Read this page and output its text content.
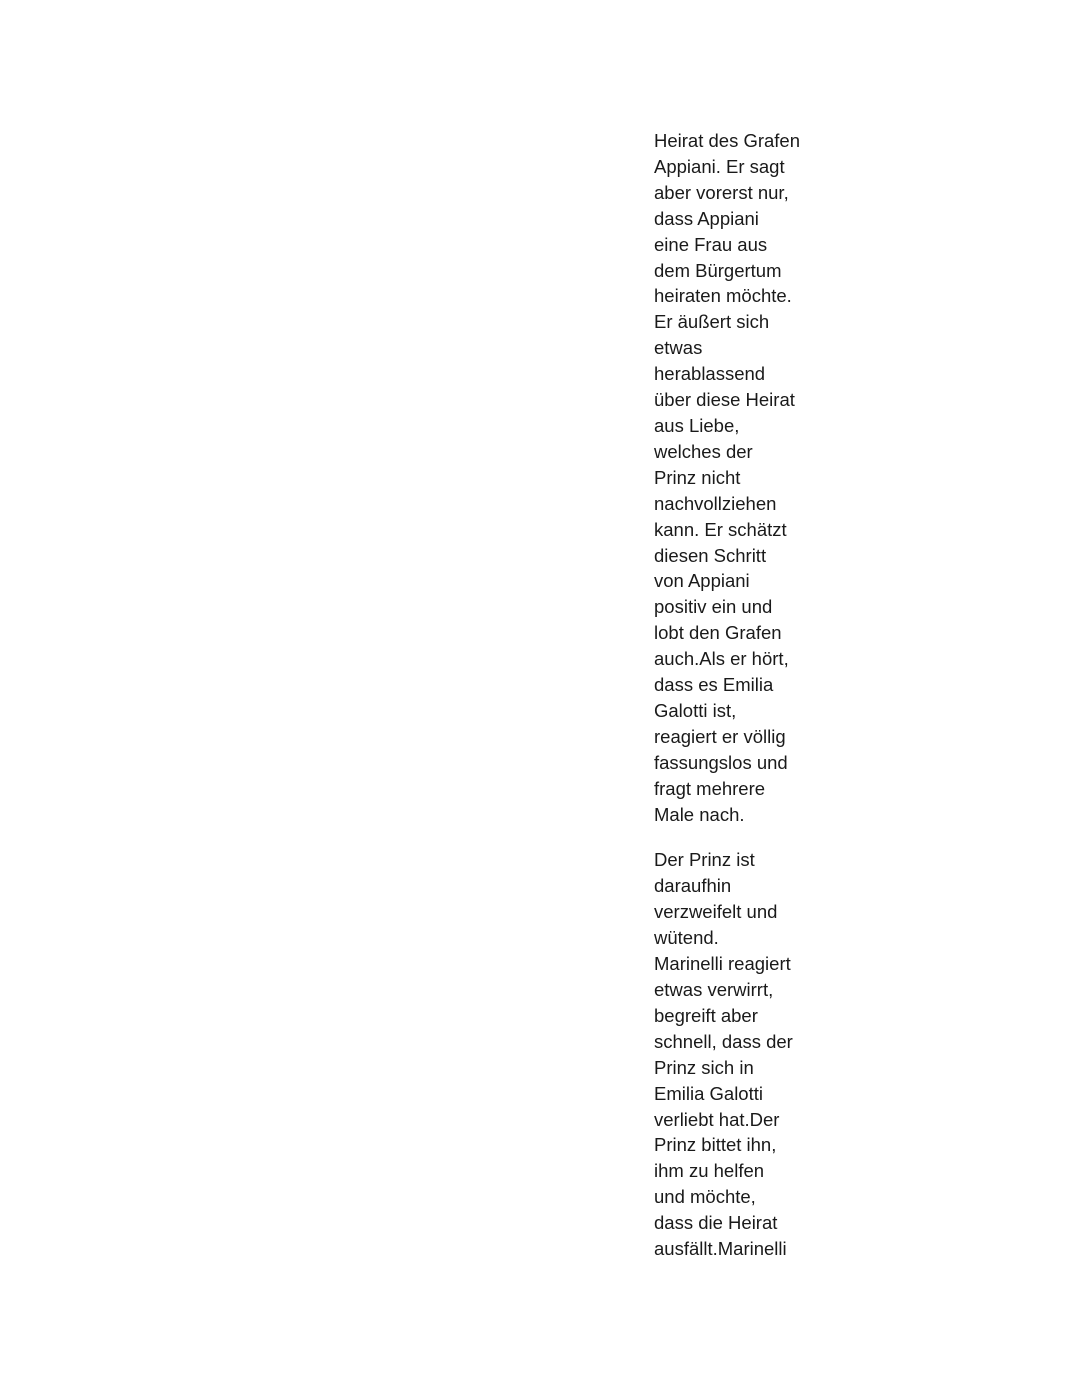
Heirat des Grafen
Appiani. Er sagt
aber vorerst nur,
dass Appiani
eine Frau aus
dem Bürgertum
heiraten möchte.
Er äußert sich
etwas
herablassend
über diese Heirat
aus Liebe,
welches der
Prinz nicht
nachvollziehen
kann. Er schätzt
diesen Schritt
von Appiani
positiv ein und
lobt den Grafen
auch.Als er hört,
dass es Emilia
Galotti ist,
reagiert er völlig
fassungslos und
fragt mehrere
Male nach.

Der Prinz ist
daraufhin
verzweifelt und
wütend.
Marinelli reagiert
etwas verwirrt,
begreift aber
schnell, dass der
Prinz sich in
Emilia Galotti
verliebt hat.Der
Prinz bittet ihn,
ihm zu helfen
und möchte,
dass die Heirat
ausfällt.Marinelli
